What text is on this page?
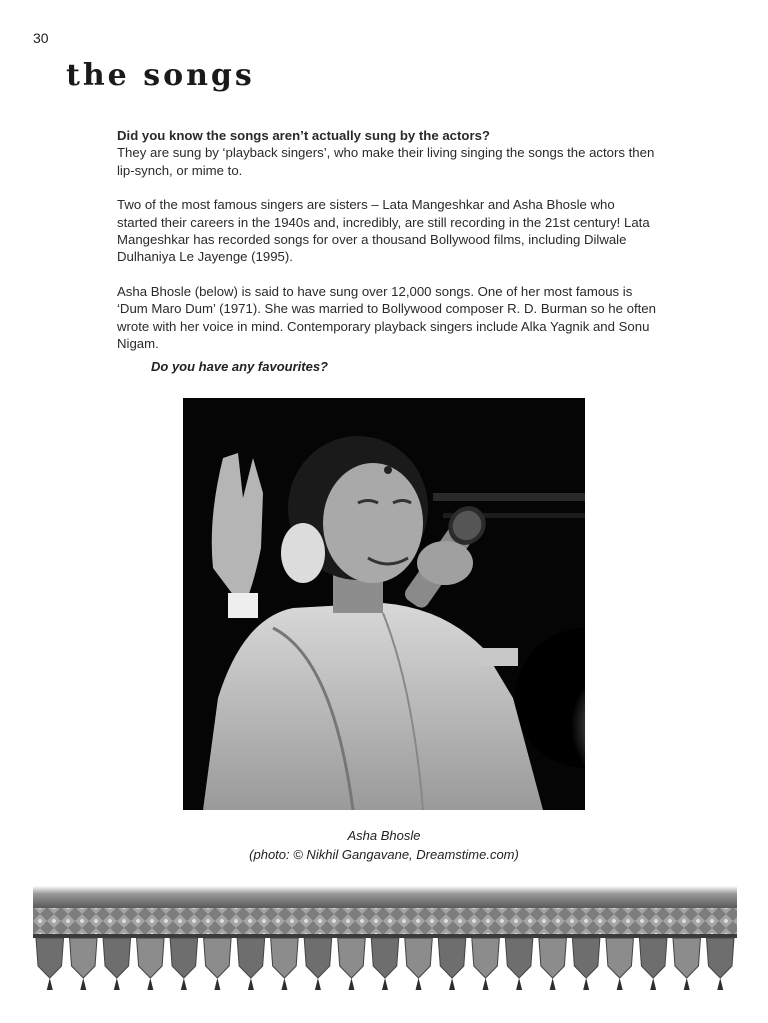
30
the songs

Did you know the songs aren’t actually sung by the actors?
They are sung by ‘playback singers’, who make their living singing the songs the actors then lip-synch, or mime to.

Two of the most famous singers are sisters – Lata Mangeshkar and Asha Bhosle who started their careers in the 1940s and, incredibly, are still recording in the 21st century! Lata Mangeshkar has recorded songs for over a thousand Bollywood films, including Dilwale Dulhaniya Le Jayenge (1995).

Asha Bhosle (below) is said to have sung over 12,000 songs. One of her most famous is ‘Dum Maro Dum’ (1971). She was married to Bollywood composer R. D. Burman so he often wrote with her voice in mind. Contemporary playback singers include Alka Yagnik and Sonu Nigam.

Do you have any favourites?
Asha Bhosle
(photo: © Nikhil Gangavane, Dreamstime.com)
